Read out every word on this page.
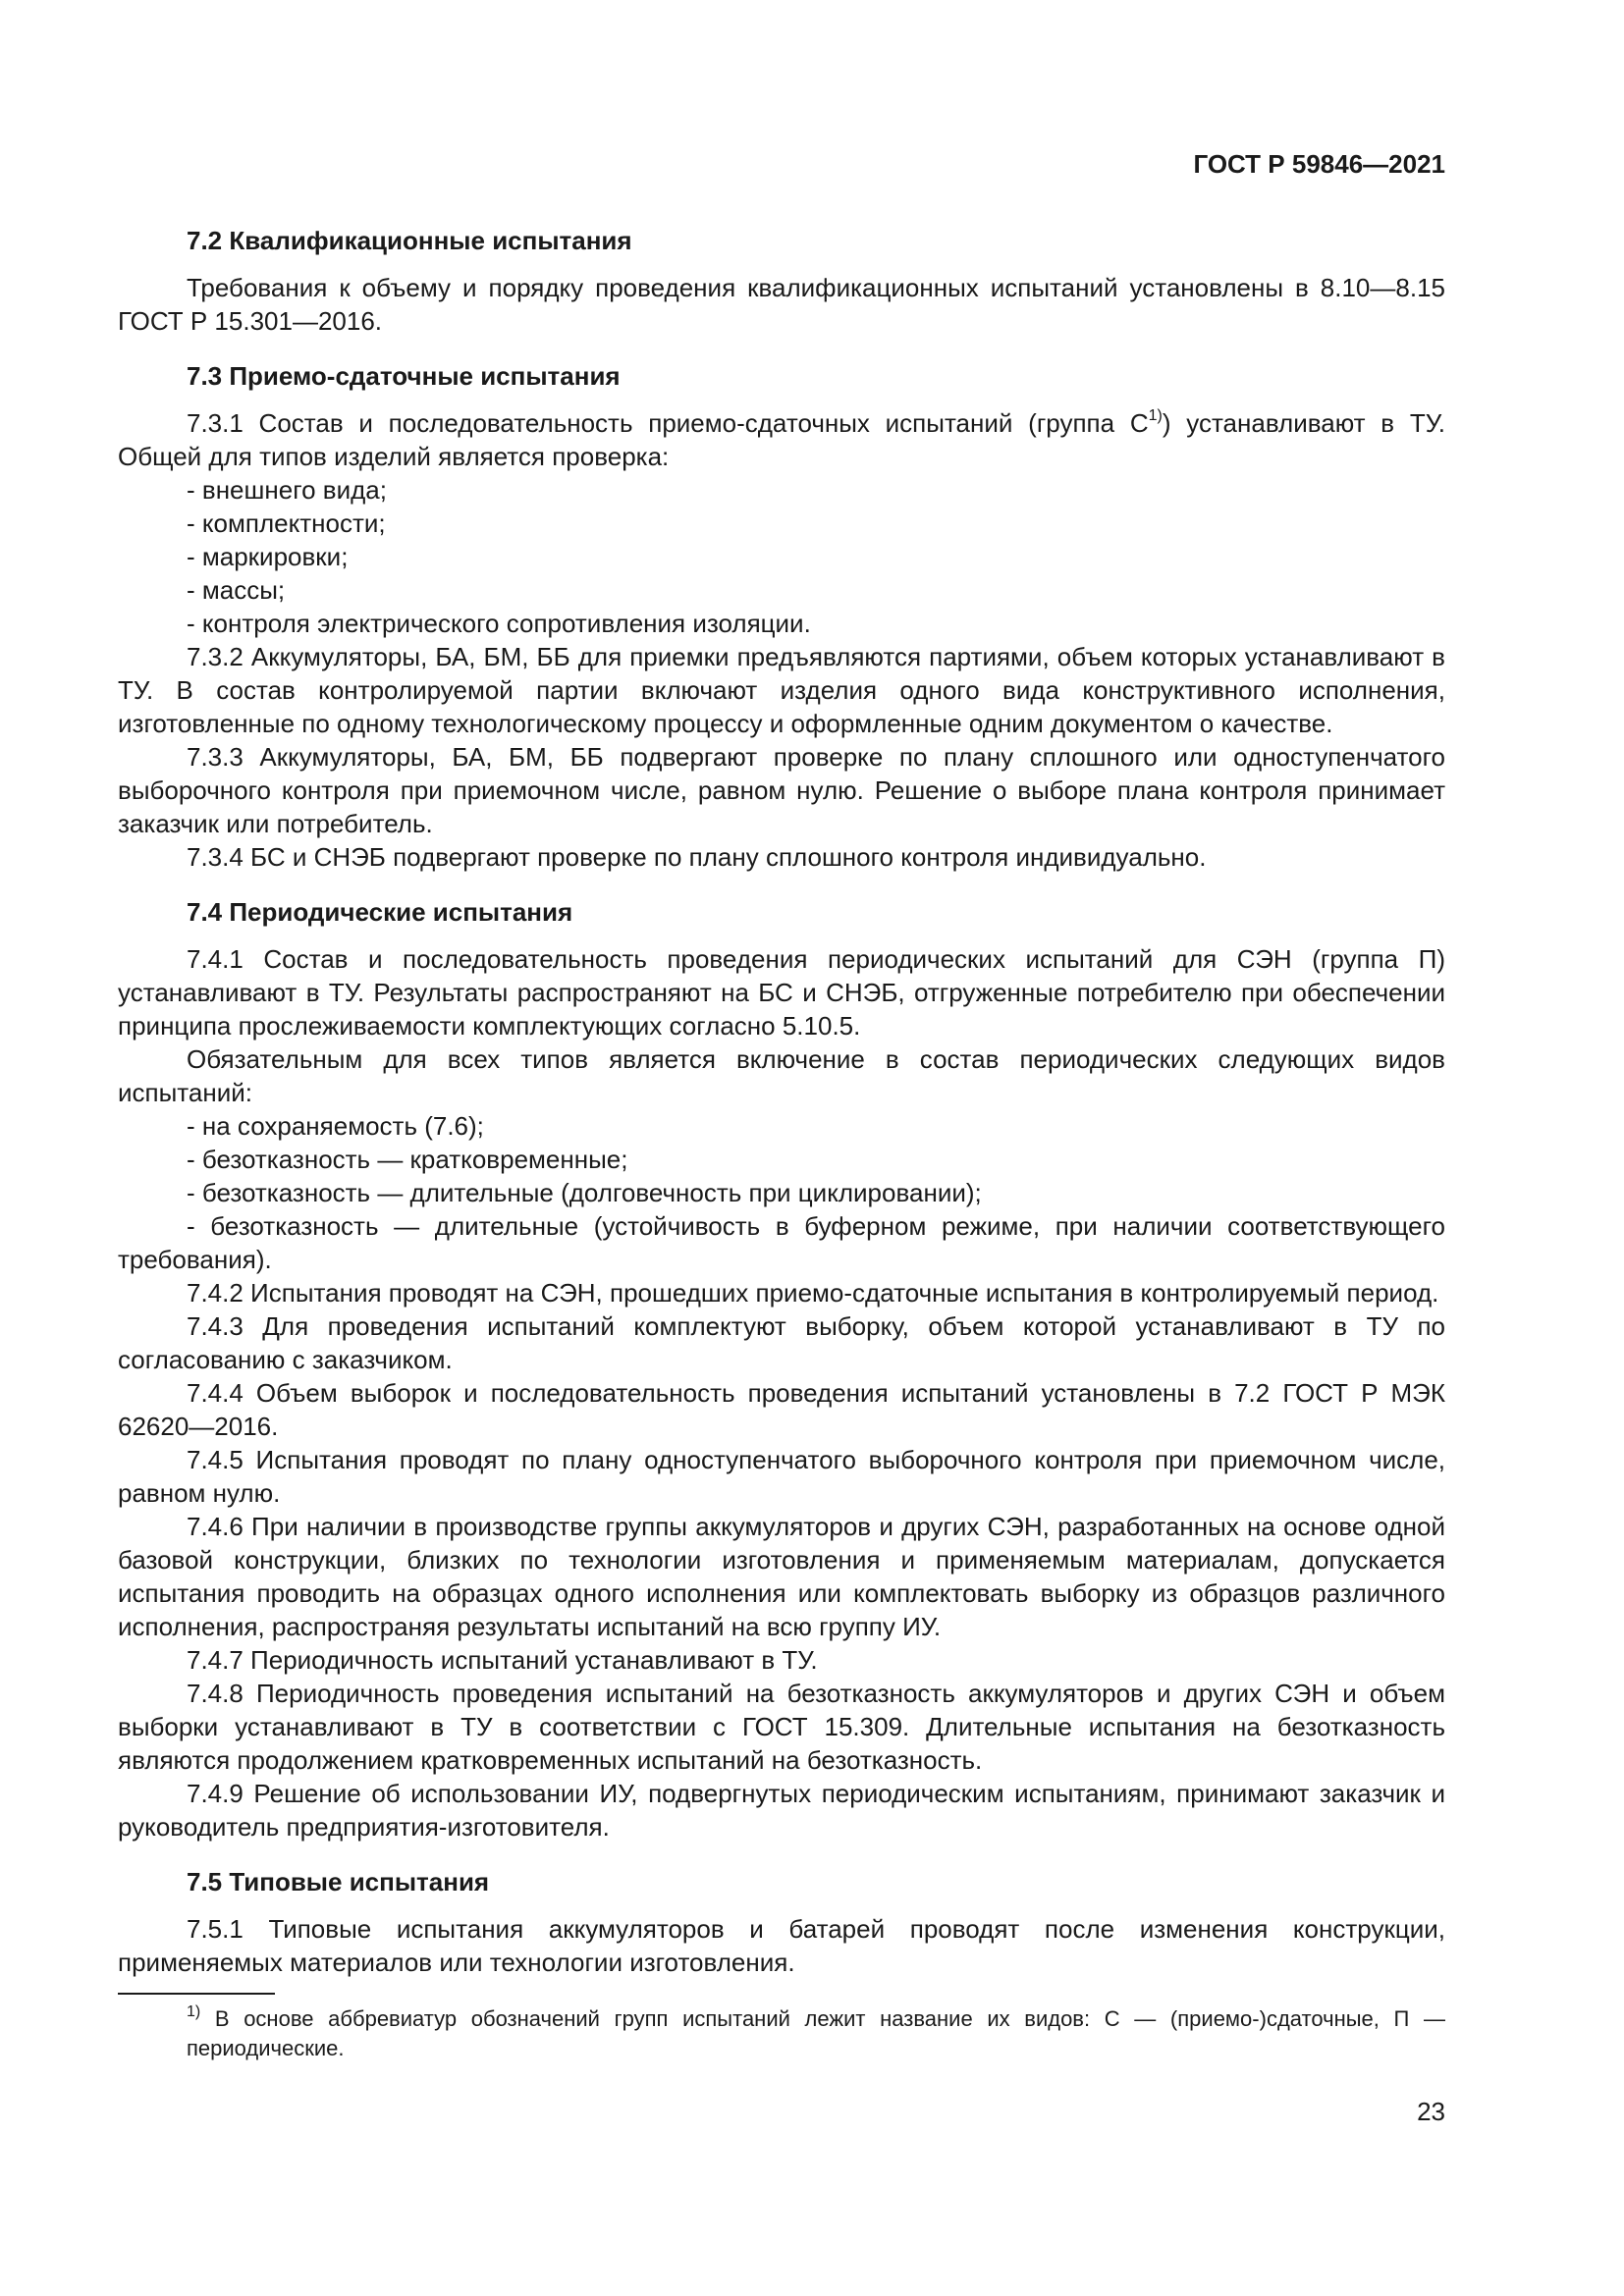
ГОСТ Р 59846—2021
7.2 Квалификационные испытания

Требования к объему и порядку проведения квалификационных испытаний установлены в 8.10—8.15 ГОСТ Р 15.301—2016.

7.3 Приемо-сдаточные испытания

7.3.1 Состав и последовательность приемо-сдаточных испытаний (группа $С^{1)}$) устанавливают в ТУ. Общей для типов изделий является проверка:

- внешнего вида;

- комплектности;

- маркировки;

- массы;

- контроля электрического сопротивления изоляции.

7.3.2 Аккумуляторы, БА, БМ, ББ для приемки предъявляются партиями, объем которых устанавливают в ТУ. В состав контролируемой партии включают изделия одного вида конструктивного исполнения, изготовленные по одному технологическому процессу и оформленные одним документом о качестве.

7.3.3 Аккумуляторы, БА, БМ, ББ подвергают проверке по плану сплошного или одноступенчатого выборочного контроля при приемочном числе, равном нулю. Решение о выборе плана контроля принимает заказчик или потребитель.

7.3.4 БС и СНЭБ подвергают проверке по плану сплошного контроля индивидуально.

7.4 Периодические испытания

7.4.1 Состав и последовательность проведения периодических испытаний для СЭН (группа П) устанавливают в ТУ. Результаты распространяют на БС и СНЭБ, отгруженные потребителю при обеспечении принципа прослеживаемости комплектующих согласно 5.10.5.

Обязательным для всех типов является включение в состав периодических следующих видов испытаний:

- на сохраняемость (7.6);

- безотказность — кратковременные;

- безотказность — длительные (долговечность при циклировании);

- безотказность — длительные (устойчивость в буферном режиме, при наличии соответствующего требования).

7.4.2 Испытания проводят на СЭН, прошедших приемо-сдаточные испытания в контролируемый период.

7.4.3 Для проведения испытаний комплектуют выборку, объем которой устанавливают в ТУ по согласованию с заказчиком.

7.4.4 Объем выборок и последовательность проведения испытаний установлены в 7.2 ГОСТ Р МЭК 62620—2016.

7.4.5 Испытания проводят по плану одноступенчатого выборочного контроля при приемочном числе, равном нулю.

7.4.6 При наличии в производстве группы аккумуляторов и других СЭН, разработанных на основе одной базовой конструкции, близких по технологии изготовления и применяемым материалам, допускается испытания проводить на образцах одного исполнения или комплектовать выборку из образцов различного исполнения, распространяя результаты испытаний на всю группу ИУ.

7.4.7 Периодичность испытаний устанавливают в ТУ.

7.4.8 Периодичность проведения испытаний на безотказность аккумуляторов и других СЭН и объем выборки устанавливают в ТУ в соответствии с ГОСТ 15.309. Длительные испытания на безотказность являются продолжением кратковременных испытаний на безотказность.

7.4.9 Решение об использовании ИУ, подвергнутых периодическим испытаниям, принимают заказчик и руководитель предприятия-изготовителя.

7.5 Типовые испытания

7.5.1 Типовые испытания аккумуляторов и батарей проводят после изменения конструкции, применяемых материалов или технологии изготовления.

$^{1)}$ В основе аббревиатур обозначений групп испытаний лежит название их видов: С — (приемо-)сдаточные, П — периодические.

23
